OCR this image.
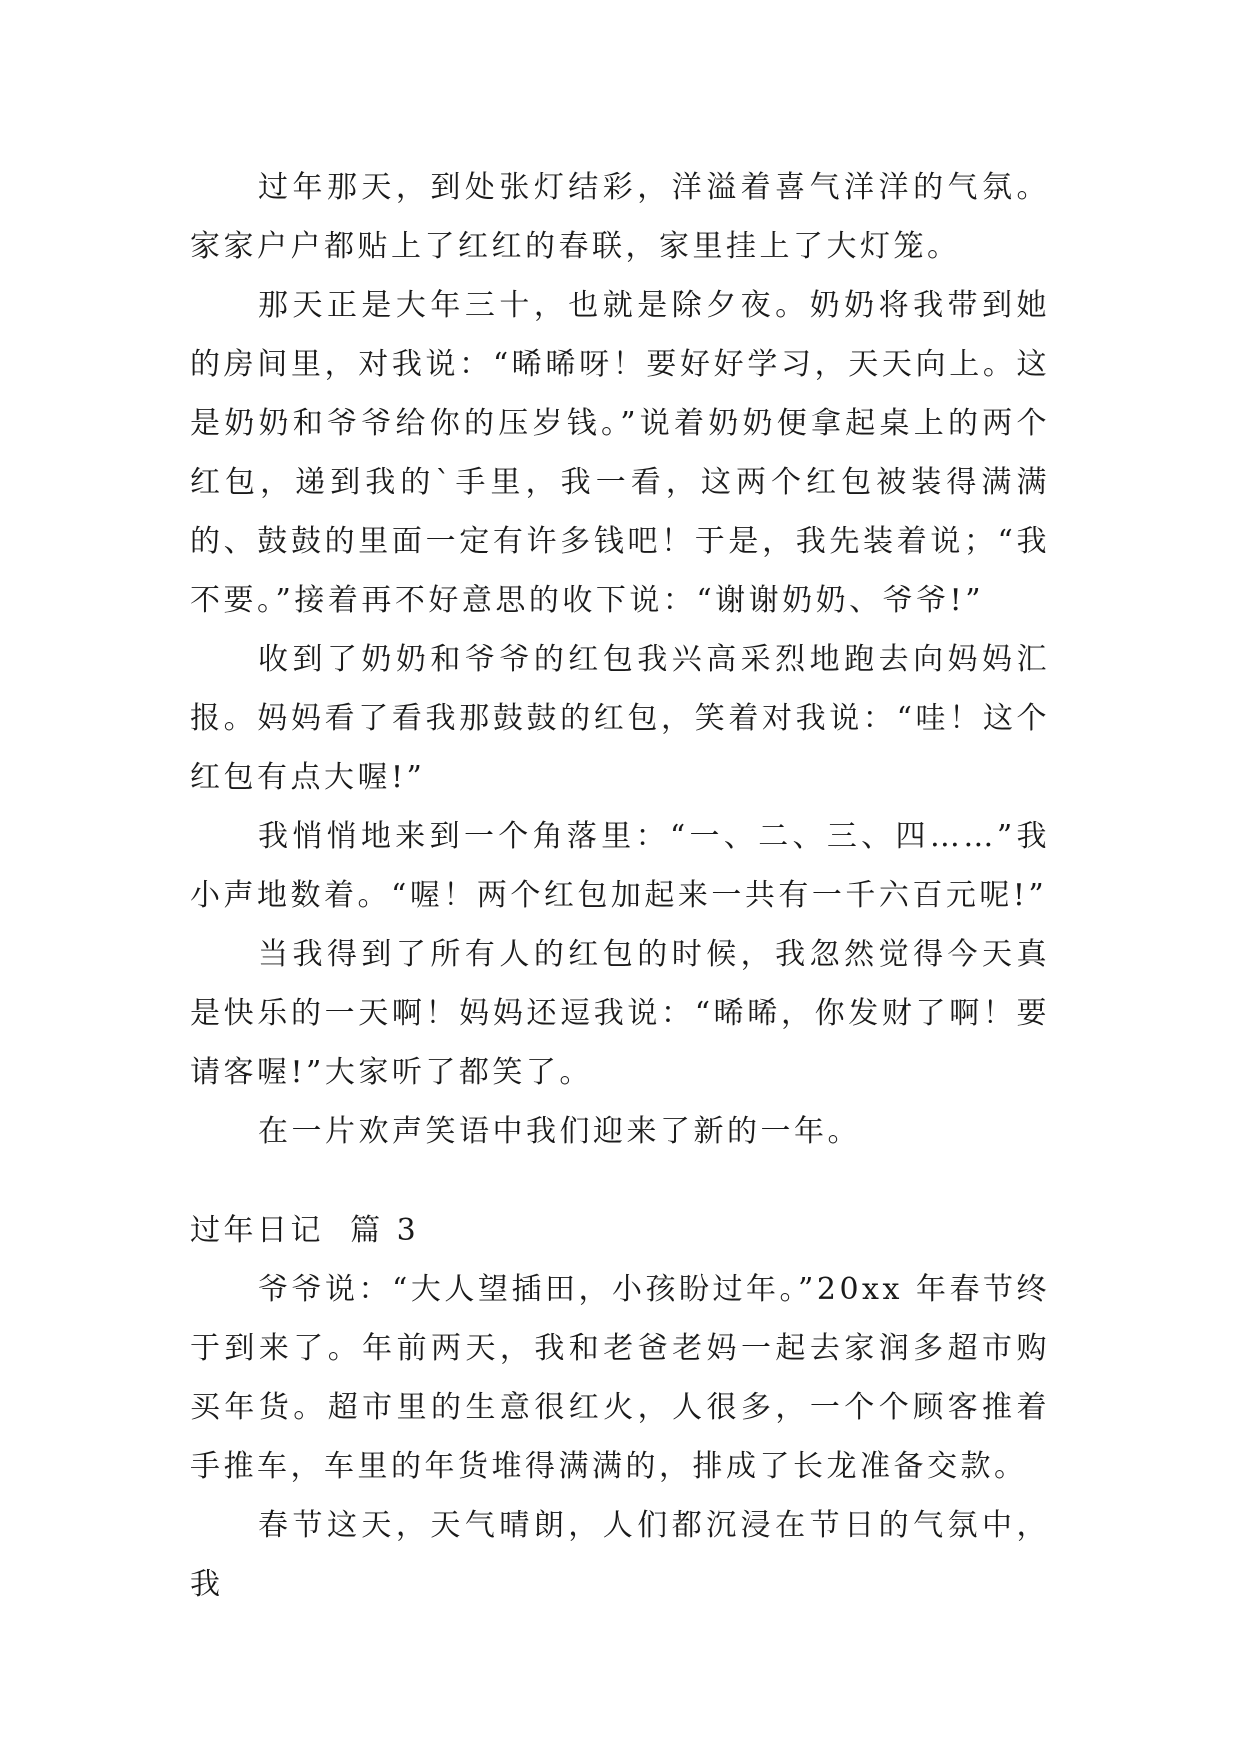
过年那天，到处张灯结彩，洋溢着喜气洋洋的气氛。家家户户都贴上了红红的春联，家里挂上了大灯笼。

那天正是大年三十，也就是除夕夜。奶奶将我带到她的房间里，对我说：“晞晞呀！要好好学习，天天向上。这是奶奶和爷爷给你的压岁钱。”说着奶奶便拿起桌上的两个红包，递到我的`手里，我一看，这两个红包被装得满满的、鼓鼓的里面一定有许多钱吧！于是，我先装着说；“我不要。”接着再不好意思的收下说：“谢谢奶奶、爷爷!”

收到了奶奶和爷爷的红包我兴高采烈地跑去向妈妈汇报。妈妈看了看我那鼓鼓的红包，笑着对我说：“哇！这个红包有点大喔!”

我悄悄地来到一个角落里：“一、二、三、四……”我小声地数着。“喔！两个红包加起来一共有一千六百元呢!”

当我得到了所有人的红包的时候，我忽然觉得今天真是快乐的一天啊！妈妈还逗我说：“晞晞，你发财了啊！要请客喔!”大家听了都笑了。

在一片欢声笑语中我们迎来了新的一年。

过年日记  篇 3

爷爷说：“大人望插田，小孩盼过年。”20xx 年春节终于到来了。年前两天，我和老爸老妈一起去家润多超市购买年货。超市里的生意很红火，人很多，一个个顾客推着手推车，车里的年货堆得满满的，排成了长龙准备交款。

春节这天，天气晴朗，人们都沉浸在节日的气氛中，我
